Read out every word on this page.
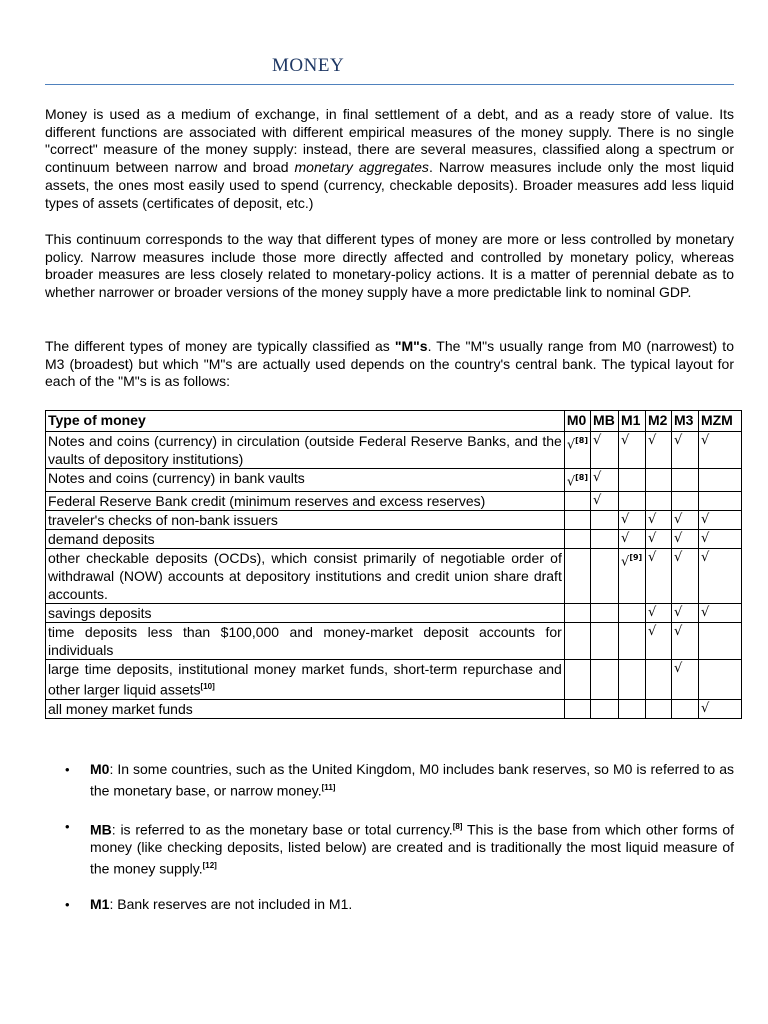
MONEY

Money is used as a medium of exchange, in final settlement of a debt, and as a ready store of value. Its different functions are associated with different empirical measures of the money supply. There is no single "correct" measure of the money supply: instead, there are several measures, classified along a spectrum or continuum between narrow and broad monetary aggregates. Narrow measures include only the most liquid assets, the ones most easily used to spend (currency, checkable deposits). Broader measures add less liquid types of assets (certificates of deposit, etc.)

This continuum corresponds to the way that different types of money are more or less controlled by monetary policy. Narrow measures include those more directly affected and controlled by monetary policy, whereas broader measures are less closely related to monetary-policy actions. It is a matter of perennial debate as to whether narrower or broader versions of the money supply have a more predictable link to nominal GDP.

The different types of money are typically classified as "M"s. The "M"s usually range from M0 (narrowest) to M3 (broadest) but which "M"s are actually used depends on the country's central bank. The typical layout for each of the "M"s is as follows:

Type of money	M0	MB	M1	M2	M3	MZM
Notes and coins (currency) in circulation (outside Federal Reserve Banks, and the vaults of depository institutions)	√[8]	√	√	√	√	√
Notes and coins (currency) in bank vaults	√[8]	√				
Federal Reserve Bank credit (minimum reserves and excess reserves)		√				
traveler's checks of non-bank issuers			√	√	√	√
demand deposits			√	√	√	√
other checkable deposits (OCDs), which consist primarily of negotiable order of withdrawal (NOW) accounts at depository institutions and credit union share draft accounts.			√[9]	√	√	√
savings deposits				√	√	√
time deposits less than $100,000 and money-market deposit accounts for individuals				√	√	
large time deposits, institutional money market funds, short-term repurchase and other larger liquid assets[10]					√	
all money market funds						√
• M0: In some countries, such as the United Kingdom, M0 includes bank reserves, so M0 is referred to as the monetary base, or narrow money.[11]
• MB: is referred to as the monetary base or total currency.[8] This is the base from which other forms of money (like checking deposits, listed below) are created and is traditionally the most liquid measure of the money supply.[12]
• M1: Bank reserves are not included in M1.
